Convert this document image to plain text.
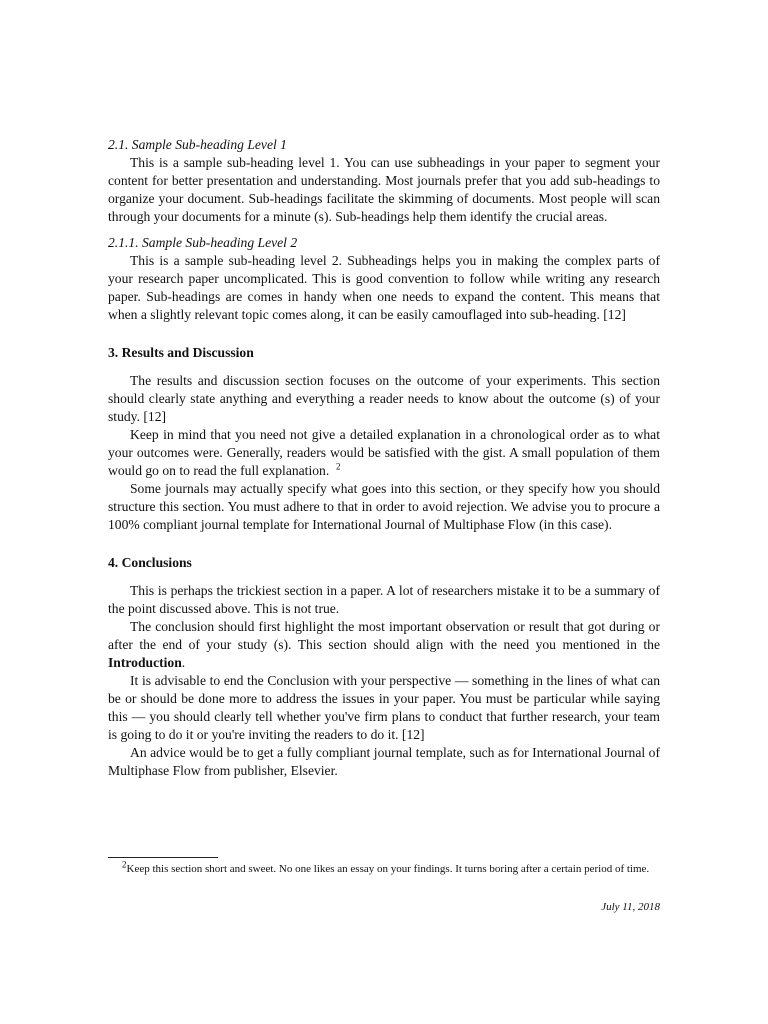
2.1. Sample Sub-heading Level 1

This is a sample sub-heading level 1. You can use subheadings in your paper to segment your content for better presentation and understanding. Most journals prefer that you add sub-headings to organize your document. Sub-headings facilitate the skimming of documents. Most people will scan through your documents for a minute (s). Sub-headings help them identify the crucial areas.

2.1.1. Sample Sub-heading Level 2

This is a sample sub-heading level 2. Subheadings helps you in making the complex parts of your research paper uncomplicated. This is good convention to follow while writing any research paper. Sub-headings are comes in handy when one needs to expand the content. This means that when a slightly relevant topic comes along, it can be easily camouflaged into sub-heading. [12]

3. Results and Discussion

The results and discussion section focuses on the outcome of your experiments. This section should clearly state anything and everything a reader needs to know about the outcome (s) of your study. [12]

Keep in mind that you need not give a detailed explanation in a chronological order as to what your outcomes were. Generally, readers would be satisfied with the gist. A small population of them would go on to read the full explanation. $^2$

Some journals may actually specify what goes into this section, or they specify how you should structure this section. You must adhere to that in order to avoid rejection. We advise you to procure a 100% compliant journal template for International Journal of Multiphase Flow (in this case).

4. Conclusions

This is perhaps the trickiest section in a paper. A lot of researchers mistake it to be a summary of the point discussed above. This is not true.

The conclusion should first highlight the most important observation or result that got during or after the end of your study (s). This section should align with the need you mentioned in the Introduction.

It is advisable to end the Conclusion with your perspective — something in the lines of what can be or should be done more to address the issues in your paper. You must be particular while saying this — you should clearly tell whether you've firm plans to conduct that further research, your team is going to do it or you're inviting the readers to do it. [12]

An advice would be to get a fully compliant journal template, such as for International Journal of Multiphase Flow from publisher, Elsevier.

$^2$Keep this section short and sweet. No one likes an essay on your findings. It turns boring after a certain period of time.

July 11, 2018
